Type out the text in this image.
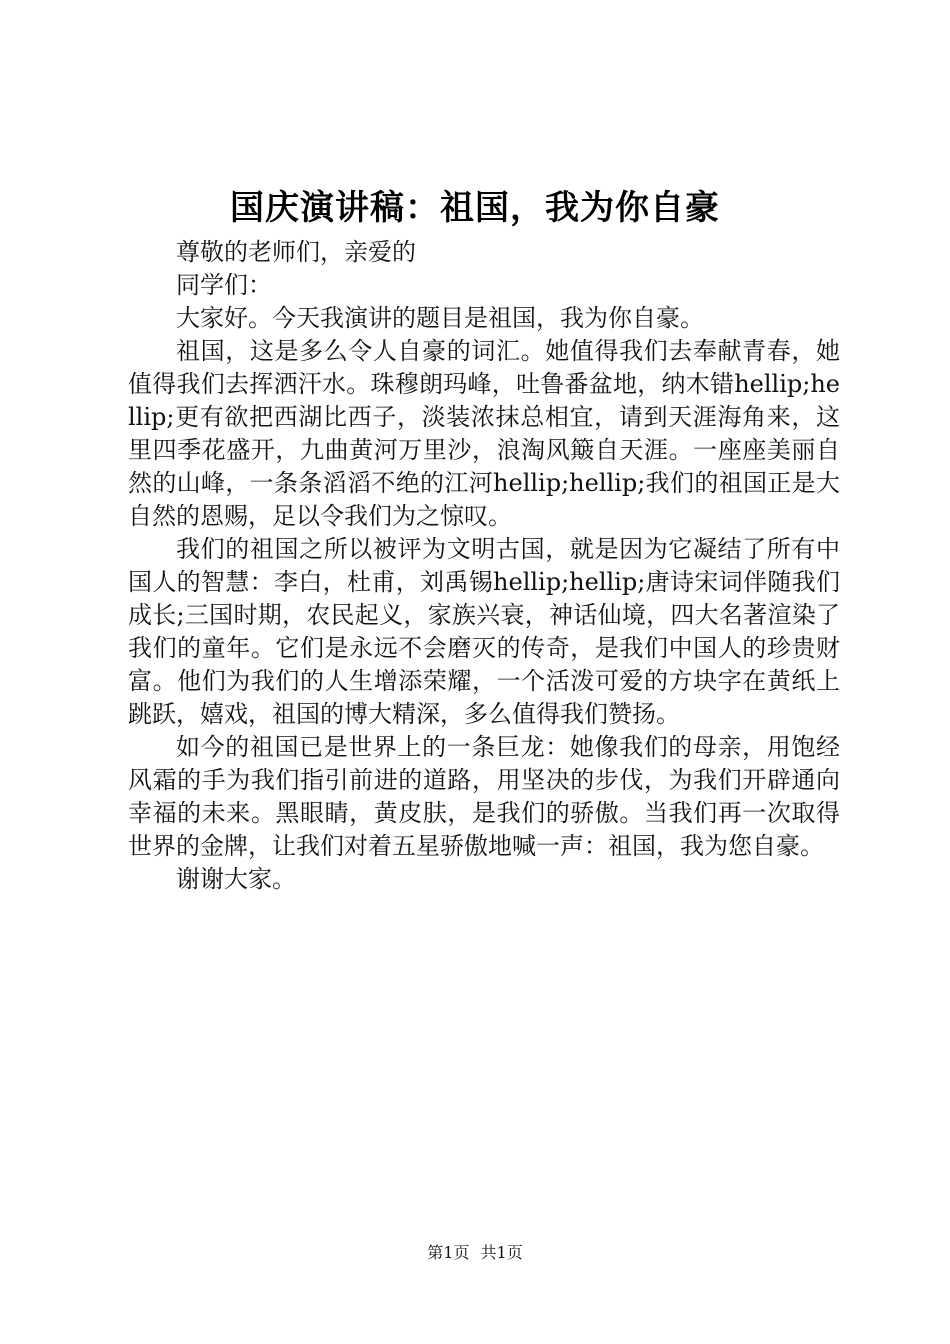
国庆演讲稿：祖国，我为你自豪

尊敬的老师们，亲爱的

同学们：

大家好。今天我演讲的题目是祖国，我为你自豪。

祖国，这是多么令人自豪的词汇。她值得我们去奉献青春，她值得我们去挥洒汗水。珠穆朗玛峰，吐鲁番盆地，纳木错hellip;hellip;更有欲把西湖比西子，淡装浓抹总相宜，请到天涯海角来，这里四季花盛开，九曲黄河万里沙，浪淘风簸自天涯。一座座美丽自然的山峰，一条条滔滔不绝的江河hellip;hellip;我们的祖国正是大自然的恩赐，足以令我们为之惊叹。

我们的祖国之所以被评为文明古国，就是因为它凝结了所有中国人的智慧：李白，杜甫，刘禹锡hellip;hellip;唐诗宋词伴随我们成长;三国时期，农民起义，家族兴衰，神话仙境，四大名著渲染了我们的童年。它们是永远不会磨灭的传奇，是我们中国人的珍贵财富。他们为我们的人生增添荣耀，一个活泼可爱的方块字在黄纸上跳跃，嬉戏，祖国的博大精深，多么值得我们赞扬。

如今的祖国已是世界上的一条巨龙：她像我们的母亲，用饱经风霜的手为我们指引前进的道路，用坚决的步伐，为我们开辟通向幸福的未来。黑眼睛，黄皮肤，是我们的骄傲。当我们再一次取得世界的金牌，让我们对着五星骄傲地喊一声：祖国，我为您自豪。

谢谢大家。

第1页 共1页
